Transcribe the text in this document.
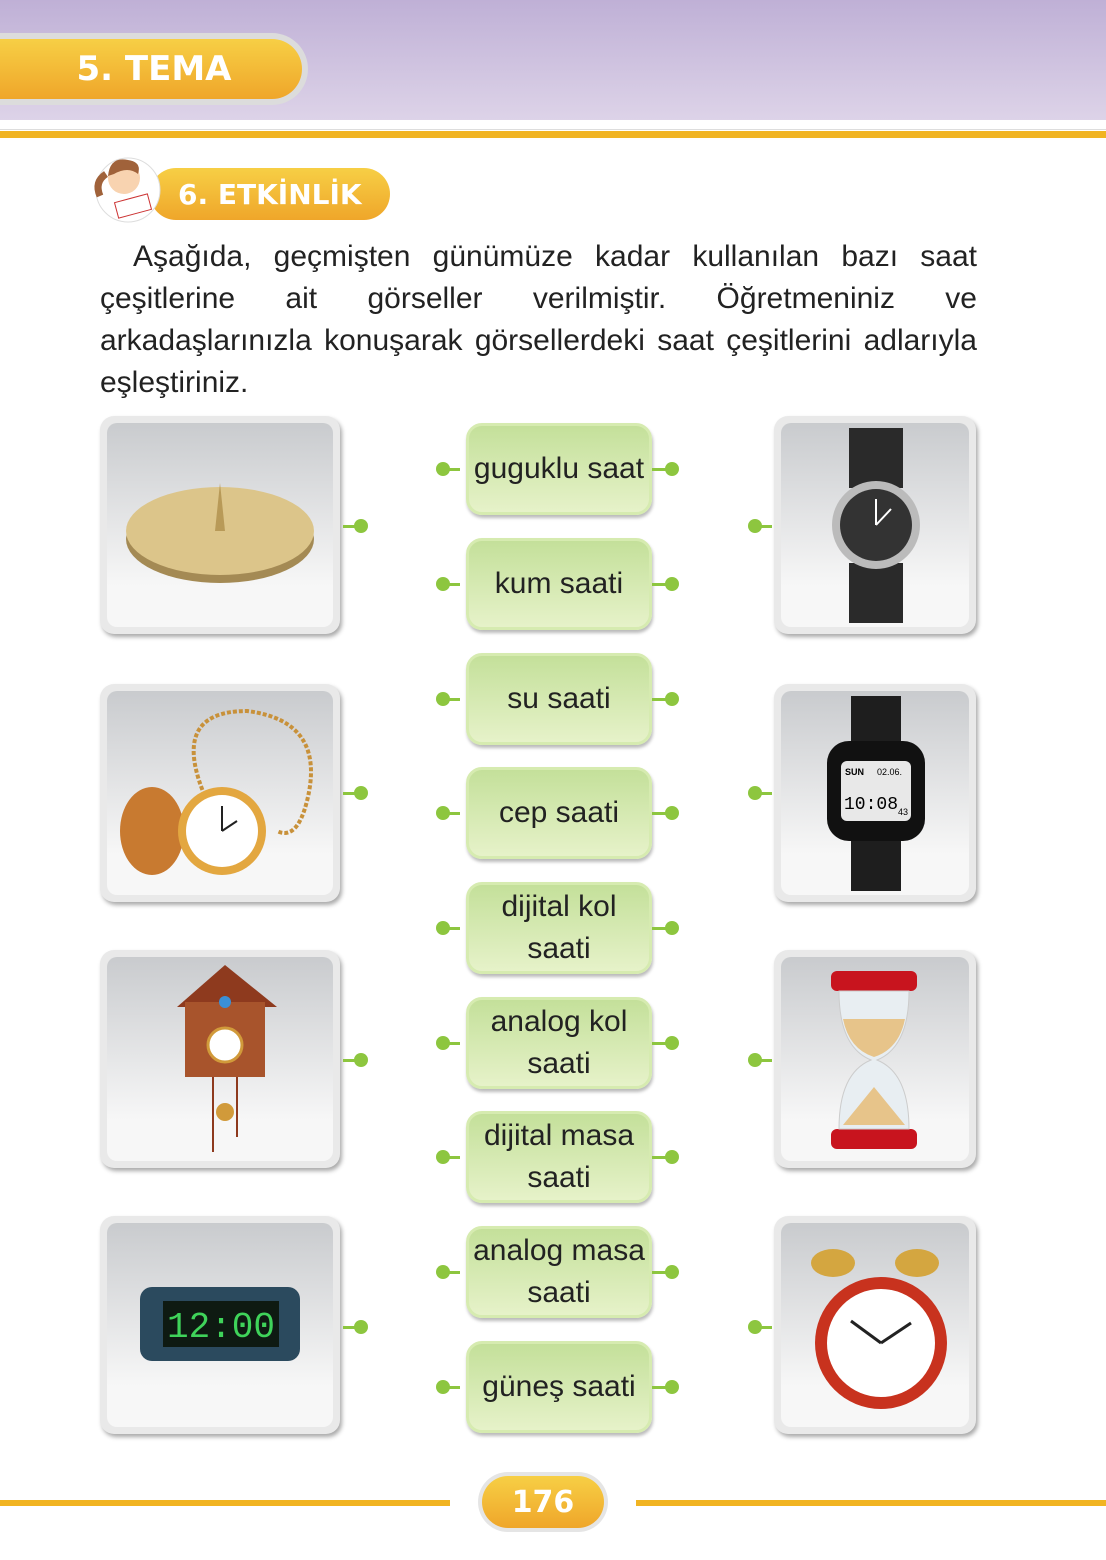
5. TEMA
6. ETKİNLİK
Aşağıda, geçmişten günümüze kadar kullanılan bazı saat çeşitlerine ait görseller verilmiştir. Öğretmeniniz ve arkadaşlarınızla konuşarak görsellerdeki saat çeşitlerini adlarıyla eşleştiriniz.
12:00
SUN 02.06.
10:08 43
guguklu saat
kum saati
su saati
cep saati
dijital kol saati
analog kol saati
dijital masa saati
analog masa saati
güneş saati
176
